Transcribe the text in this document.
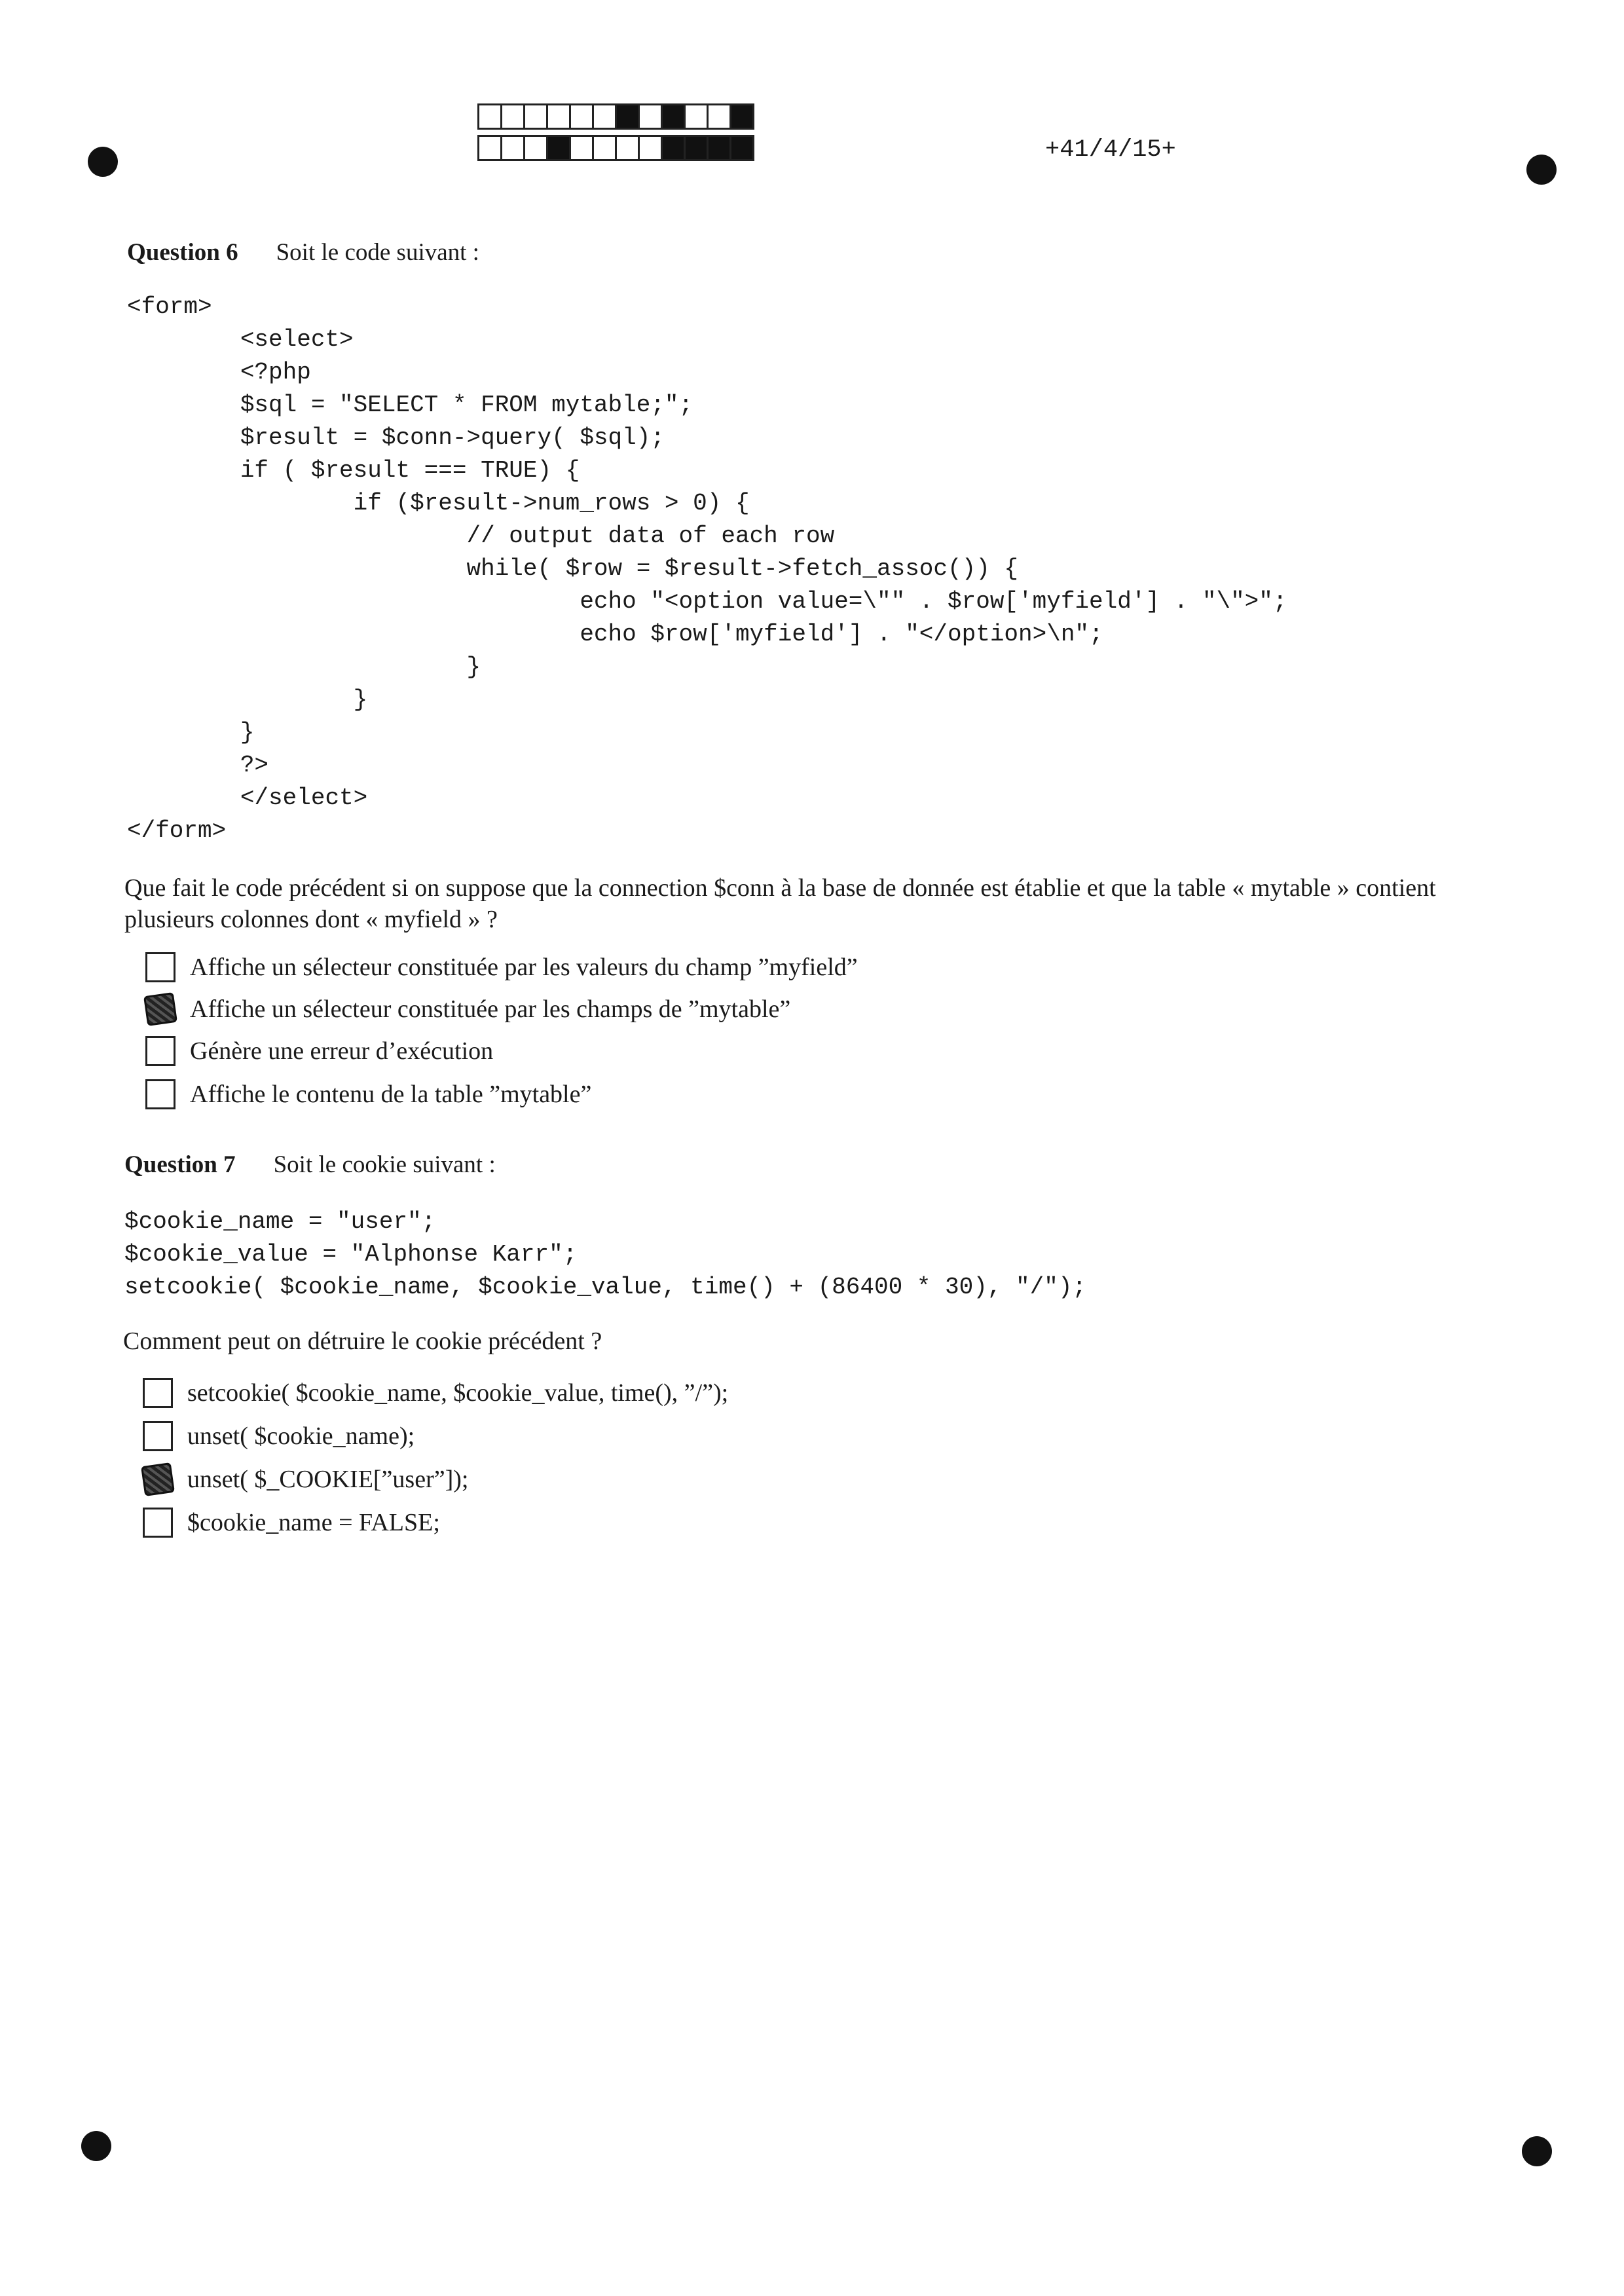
+41/4/15+
Question 6 Soit le code suivant :
<form>
<select>
<?php
$sql = "SELECT * FROM mytable;";
$result = $conn->query( $sql);
if ( $result === TRUE) {
if ($result->num_rows > 0) {
// output data of each row
while( $row = $result->fetch_assoc()) {
echo "<option value=\"" . $row['myfield'] . "\">";
echo $row['myfield'] . "</option>\n";
}
}
}
?>
</select>
</form>
Que fait le code précédent si on suppose que la connection $conn à la base de donnée est établie et que la table « mytable » contient plusieurs colonnes dont « myfield » ?
Affiche un sélecteur constituée par les valeurs du champ ”myfield”
Affiche un sélecteur constituée par les champs de ”mytable”
Génère une erreur d’exécution
Affiche le contenu de la table ”mytable”
Question 7 Soit le cookie suivant :
$cookie_name = "user";
$cookie_value = "Alphonse Karr";
setcookie( $cookie_name, $cookie_value, time() + (86400 * 30), "/");
Comment peut on détruire le cookie précédent ?
setcookie( $cookie_name, $cookie_value, time(), ”/”);
unset( $cookie_name);
unset( $_COOKIE[”user”]);
$cookie_name = FALSE;
